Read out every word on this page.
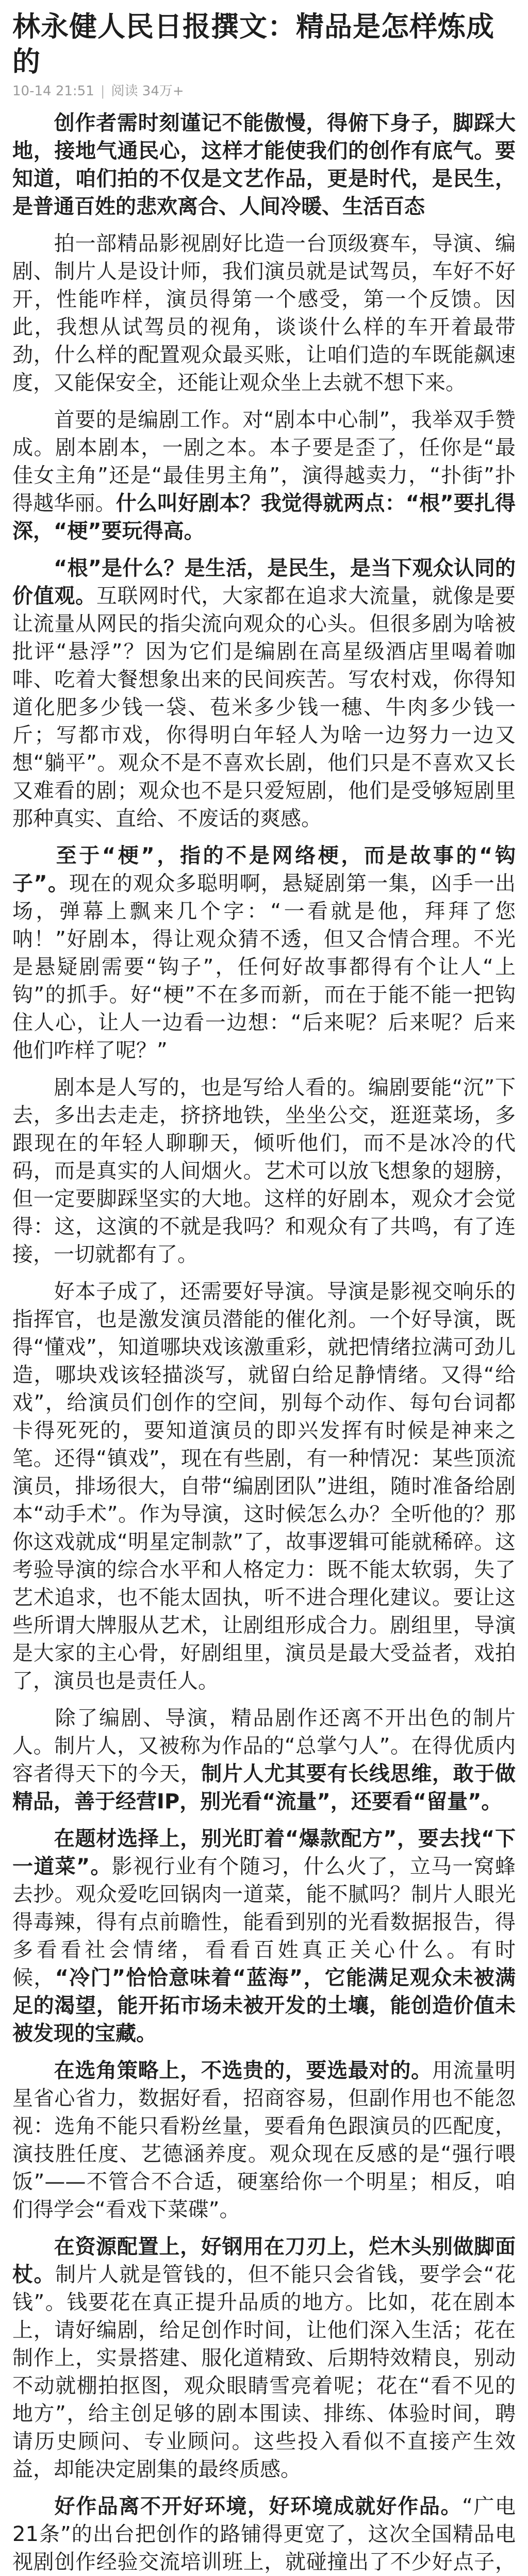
林永健人民日报撰文：精品是怎样炼成的
10-14 21:51 | 阅读 34万+

创作者需时刻谨记不能傲慢，得俯下身子，脚踩大地，接地气通民心，这样才能使我们的创作有底气。要知道，咱们拍的不仅是文艺作品，更是时代，是民生，是普通百姓的悲欢离合、人间冷暖、生活百态

拍一部精品影视剧好比造一台顶级赛车，导演、编剧、制片人是设计师，我们演员就是试驾员，车好不好开，性能咋样，演员得第一个感受，第一个反馈。因此，我想从试驾员的视角，谈谈什么样的车开着最带劲，什么样的配置观众最买账，让咱们造的车既能飙速度，又能保安全，还能让观众坐上去就不想下来。

首要的是编剧工作。对“剧本中心制”，我举双手赞成。剧本剧本，一剧之本。本子要是歪了，任你是“最佳女主角”还是“最佳男主角”，演得越卖力，“扑街”扑得越华丽。什么叫好剧本？我觉得就两点：“根”要扎得深，“梗”要玩得高。

“根”是什么？是生活，是民生，是当下观众认同的价值观。互联网时代，大家都在追求大流量，就像是要让流量从网民的指尖流向观众的心头。但很多剧为啥被批评“悬浮”？因为它们是编剧在高星级酒店里喝着咖啡、吃着大餐想象出来的民间疾苦。写农村戏，你得知道化肥多少钱一袋、苞米多少钱一穗、牛肉多少钱一斤；写都市戏，你得明白年轻人为啥一边努力一边又想“躺平”。观众不是不喜欢长剧，他们只是不喜欢又长又难看的剧；观众也不是只爱短剧，他们是受够短剧里那种真实、直给、不废话的爽感。

至于“梗”，指的不是网络梗，而是故事的“钩子”。现在的观众多聪明啊，悬疑剧第一集，凶手一出场，弹幕上飘来几个字：“一看就是他，拜拜了您呐！”好剧本，得让观众猜不透，但又合情合理。不光是悬疑剧需要“钩子”，任何好故事都得有个让人“上钩”的抓手。好“梗”不在多而新，而在于能不能一把钩住人心，让人一边看一边想：“后来呢？后来呢？后来他们咋样了呢？”

剧本是人写的，也是写给人看的。编剧要能“沉”下去，多出去走走，挤挤地铁，坐坐公交，逛逛菜场，多跟现在的年轻人聊聊天，倾听他们，而不是冰冷的代码，而是真实的人间烟火。艺术可以放飞想象的翅膀，但一定要脚踩坚实的大地。这样的好剧本，观众才会觉得：这，这演的不就是我吗？和观众有了共鸣，有了连接，一切就都有了。

好本子成了，还需要好导演。导演是影视交响乐的指挥官，也是激发演员潜能的催化剂。一个好导演，既得“懂戏”，知道哪块戏该激重彩，就把情绪拉满可劲儿造，哪块戏该轻描淡写，就留白给足静情绪。又得“给戏”，给演员们创作的空间，别每个动作、每句台词都卡得死死的，要知道演员的即兴发挥有时候是神来之笔。还得“镇戏”，现在有些剧，有一种情况：某些顶流演员，排场很大，自带“编剧团队”进组，随时准备给剧本“动手术”。作为导演，这时候怎么办？全听他的？那你这戏就成“明星定制款”了，故事逻辑可能就稀碎。这考验导演的综合水平和人格定力：既不能太软弱，失了艺术追求，也不能太固执，听不进合理化建议。要让这些所谓大牌服从艺术，让剧组形成合力。剧组里，导演是大家的主心骨，好剧组里，演员是最大受益者，戏拍了，演员也是责任人。

除了编剧、导演，精品剧作还离不开出色的制片人。制片人，又被称为作品的“总掌勺人”。在得优质内容者得天下的今天，制片人尤其要有长线思维，敢于做精品，善于经营IP，别光看“流量”，还要看“留量”。

在题材选择上，别光盯着“爆款配方”，要去找“下一道菜”。影视行业有个随习，什么火了，立马一窝蜂去抄。观众爱吃回锅肉一道菜，能不腻吗？制片人眼光得毒辣，得有点前瞻性，能看到别的光看数据报告，得多看看社会情绪，看看百姓真正关心什么。有时候，“冷门”恰恰意味着“蓝海”，它能满足观众未被满足的渴望，能开拓市场未被开发的土壤，能创造价值未被发现的宝藏。

在选角策略上，不选贵的，要选最对的。用流量明星省心省力，数据好看，招商容易，但副作用也不能忽视：选角不能只看粉丝量，要看角色跟演员的匹配度，演技胜任度、艺德涵养度。观众现在反感的是“强行喂饭”——不管合不合适，硬塞给你一个明星；相反，咱们得学会“看戏下菜碟”。

在资源配置上，好钢用在刀刃上，烂木头别做脚面杖。制片人就是管钱的，但不能只会省钱，要学会“花钱”。钱要花在真正提升品质的地方。比如，花在剧本上，请好编剧，给足创作时间，让他们深入生活；花在制作上，实景搭建、服化道精致、后期特效精良，别动不动就棚拍抠图，观众眼睛雪亮着呢；花在“看不见的地方”，给主创足够的剧本围读、排练、体验时间，聘请历史顾问、专业顾问。这些投入看似不直接产生效益，却能决定剧集的最终质感。

好作品离不开好环境，好环境成就好作品。“广电21条”的出台把创作的路铺得更宽了，这次全国精品电视剧创作经验交流培训班上，就碰撞出了不少好点子，
